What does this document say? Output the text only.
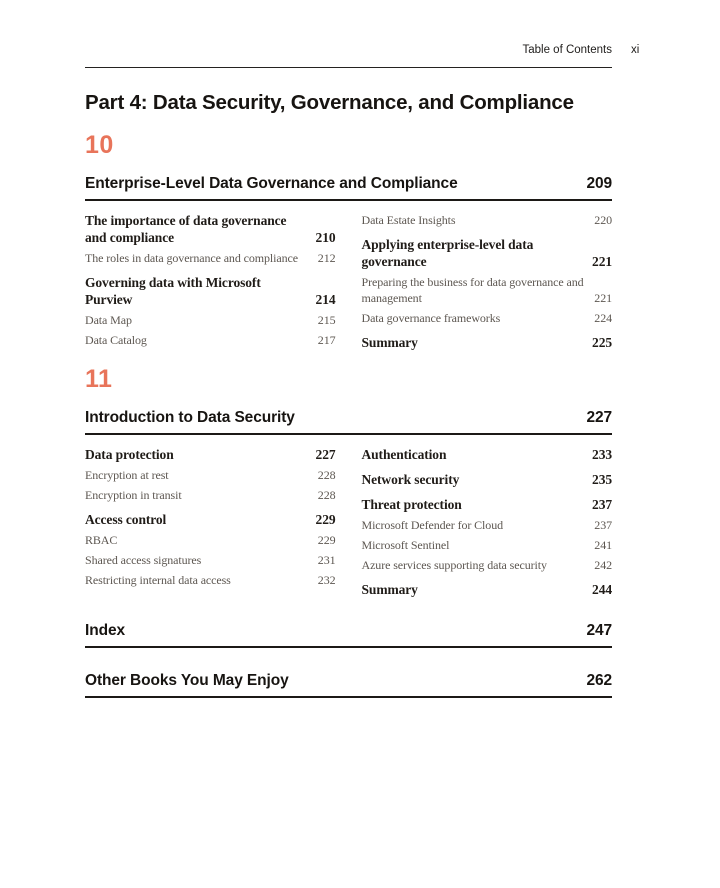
Table of Contents xi
Part 4: Data Security, Governance, and Compliance
10
Enterprise-Level Data Governance and Compliance	209
The importance of data governance and compliance	210
The roles in data governance and compliance	212
Governing data with Microsoft Purview	214
Data Map	215
Data Catalog	217
Data Estate Insights	220
Applying enterprise-level data governance	221
Preparing the business for data governance and management	221
Data governance frameworks	224
Summary	225
11
Introduction to Data Security	227
Data protection	227
Encryption at rest	228
Encryption in transit	228
Access control	229
RBAC	229
Shared access signatures	231
Restricting internal data access	232
Authentication	233
Network security	235
Threat protection	237
Microsoft Defender for Cloud	237
Microsoft Sentinel	241
Azure services supporting data security	242
Summary	244
Index	247
Other Books You May Enjoy	262
